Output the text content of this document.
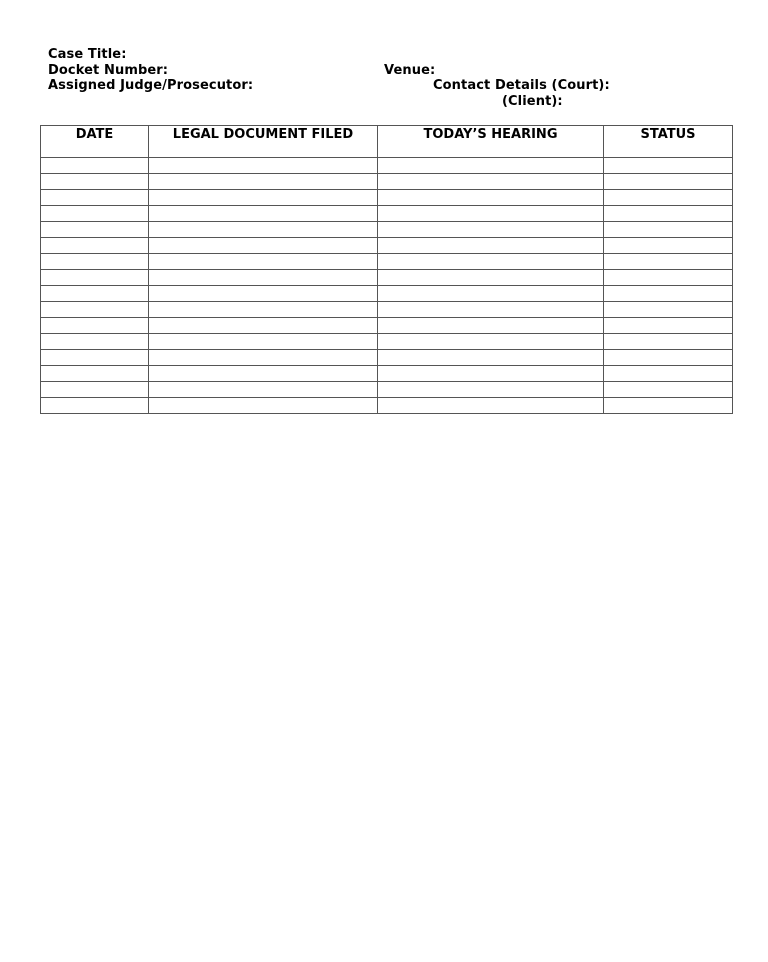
Case Title:
Docket Number:
Assigned Judge/Prosecutor:
Venue:
Contact Details (Court):
(Client):
DATE	LEGAL DOCUMENT FILED	TODAY’S HEARING	STATUS
